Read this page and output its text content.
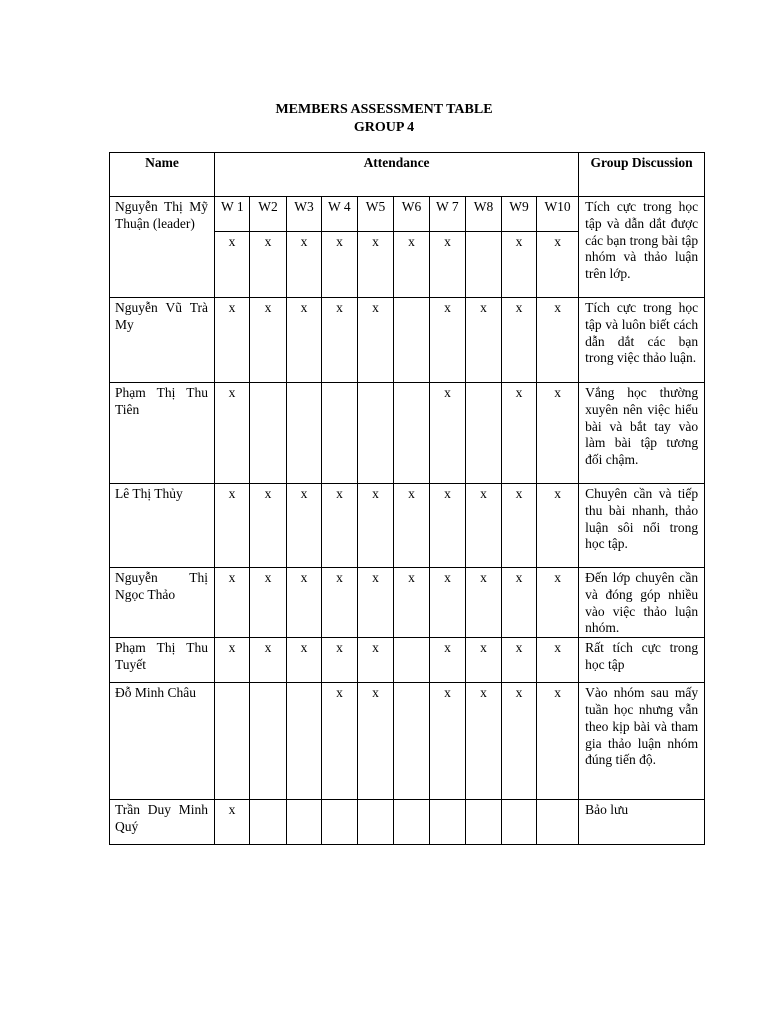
MEMBERS ASSESSMENT TABLE
GROUP 4
Name	Attendance										Group Discussion
Nguyễn Thị Mỹ Thuận (leader)	W 1	W2	W3	W 4	W5	W6	W 7	W8	W9	W10	Tích cực trong học tập và dẫn dắt được các bạn trong bài tập nhóm và thảo luận trên lớp.
	x	x	x	x	x	x	x		x	x	
Nguyễn Vũ Trà My	x	x	x	x	x		x	x	x	x	Tích cực trong học tập và luôn biết cách dẫn dắt các bạn trong việc thảo luận.
Phạm Thị Thu Tiên	x						x		x	x	Vắng học thường xuyên nên việc hiểu bài và bắt tay vào làm bài tập tương đối chậm.
Lê Thị Thủy	x	x	x	x	x	x	x	x	x	x	Chuyên cần và tiếp thu bài nhanh, thảo luận sôi nổi trong học tập.
Nguyễn Thị Ngọc Thảo	x	x	x	x	x	x	x	x	x	x	Đến lớp chuyên cần và đóng góp nhiều vào việc thảo luận nhóm.
Phạm Thị Thu Tuyết	x	x	x	x	x		x	x	x	x	Rất tích cực trong học tập
Đỗ Minh Châu				x	x		x	x	x	x	Vào nhóm sau mấy tuần học nhưng vẫn theo kịp bài và tham gia thảo luận nhóm đúng tiến độ.
Trần Duy Minh Quý	x										Bảo lưu
